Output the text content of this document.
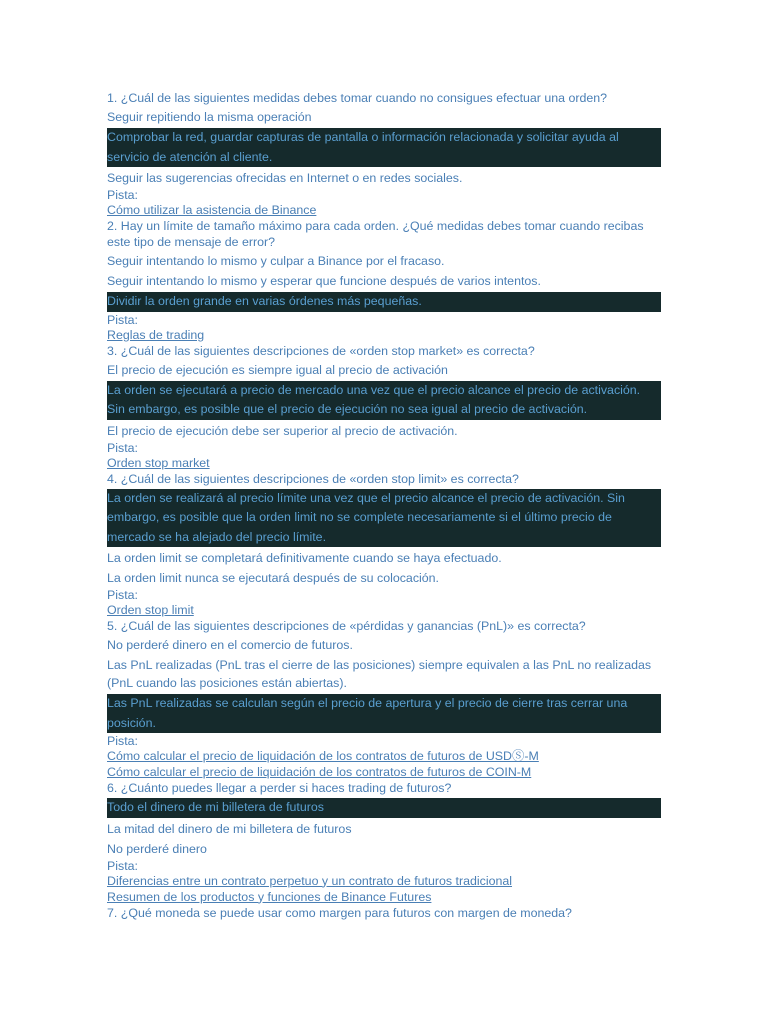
1. ¿Cuál de las siguientes medidas debes tomar cuando no consigues efectuar una orden?
Seguir repitiendo la misma operación
Comprobar la red, guardar capturas de pantalla o información relacionada y solicitar ayuda al servicio de atención al cliente.
Seguir las sugerencias ofrecidas en Internet o en redes sociales.
Pista:
Cómo utilizar la asistencia de Binance
2. Hay un límite de tamaño máximo para cada orden. ¿Qué medidas debes tomar cuando recibas este tipo de mensaje de error?
Seguir intentando lo mismo y culpar a Binance por el fracaso.
Seguir intentando lo mismo y esperar que funcione después de varios intentos.
Dividir la orden grande en varias órdenes más pequeñas.
Pista:
Reglas de trading
3. ¿Cuál de las siguientes descripciones de «orden stop market» es correcta?
El precio de ejecución es siempre igual al precio de activación
La orden se ejecutará a precio de mercado una vez que el precio alcance el precio de activación. Sin embargo, es posible que el precio de ejecución no sea igual al precio de activación.
El precio de ejecución debe ser superior al precio de activación.
Pista:
Orden stop market
4. ¿Cuál de las siguientes descripciones de «orden stop limit» es correcta?
La orden se realizará al precio límite una vez que el precio alcance el precio de activación. Sin embargo, es posible que la orden limit no se complete necesariamente si el último precio de mercado se ha alejado del precio límite.
La orden limit se completará definitivamente cuando se haya efectuado.
La orden limit nunca se ejecutará después de su colocación.
Pista:
Orden stop limit
5. ¿Cuál de las siguientes descripciones de «pérdidas y ganancias (PnL)» es correcta?
No perderé dinero en el comercio de futuros.
Las PnL realizadas (PnL tras el cierre de las posiciones) siempre equivalen a las PnL no realizadas (PnL cuando las posiciones están abiertas).
Las PnL realizadas se calculan según el precio de apertura y el precio de cierre tras cerrar una posición.
Pista:
Cómo calcular el precio de liquidación de los contratos de futuros de USDⓈ-M
Cómo calcular el precio de liquidación de los contratos de futuros de COIN-M
6. ¿Cuánto puedes llegar a perder si haces trading de futuros?
Todo el dinero de mi billetera de futuros
La mitad del dinero de mi billetera de futuros
No perderé dinero
Pista:
Diferencias entre un contrato perpetuo y un contrato de futuros tradicional
Resumen de los productos y funciones de Binance Futures
7. ¿Qué moneda se puede usar como margen para futuros con margen de moneda?
